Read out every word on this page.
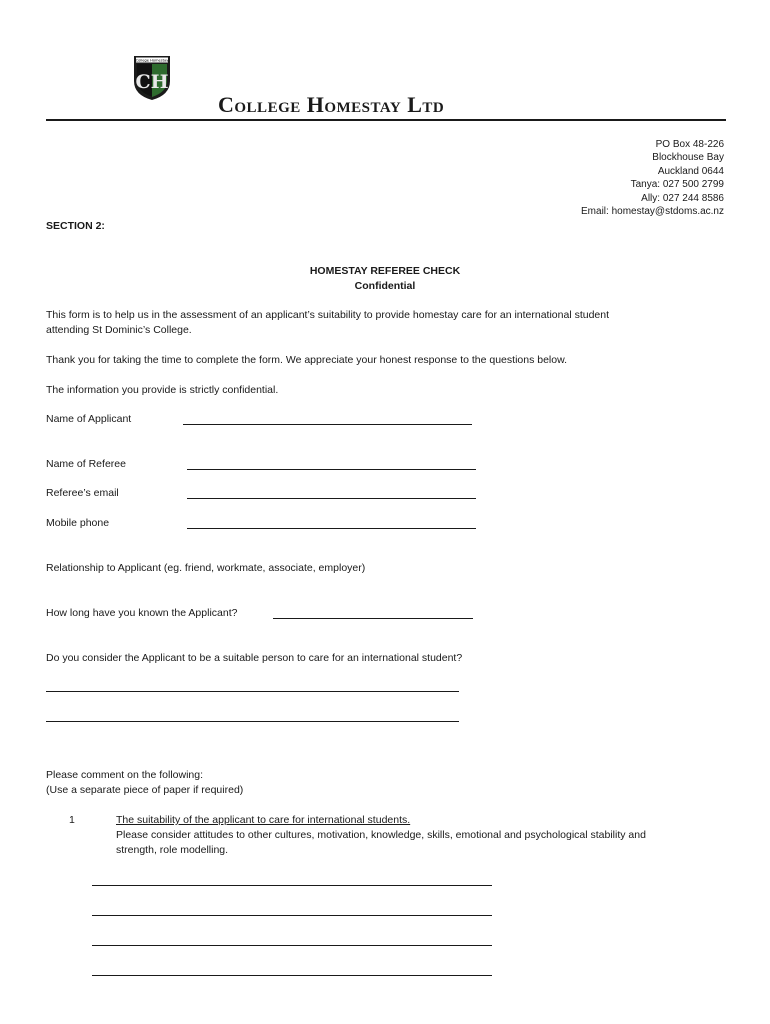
College Homestay
CH
College Homestay Ltd
PO Box 48-226
Blockhouse Bay
Auckland 0644
Tanya: 027 500 2799
Ally: 027 244 8586
Email: homestay@stdoms.ac.nz
SECTION 2:
HOMESTAY REFEREE CHECK
Confidential
This form is to help us in the assessment of an applicant’s suitability to provide homestay care for an international student
attending St Dominic’s College.
Thank you for taking the time to complete the form. We appreciate your honest response to the questions below.
The information you provide is strictly confidential.
Name of Applicant
Name of Referee
Referee’s email
Mobile phone
Relationship to Applicant (eg. friend, workmate, associate, employer)
How long have you known the Applicant?
Do you consider the Applicant to be a suitable person to care for an international student?
Please comment on the following:
(Use a separate piece of paper if required)
1	The suitability of the applicant to care for international students.
Please consider attitudes to other cultures, motivation, knowledge, skills, emotional and psychological stability and
strength, role modelling.
